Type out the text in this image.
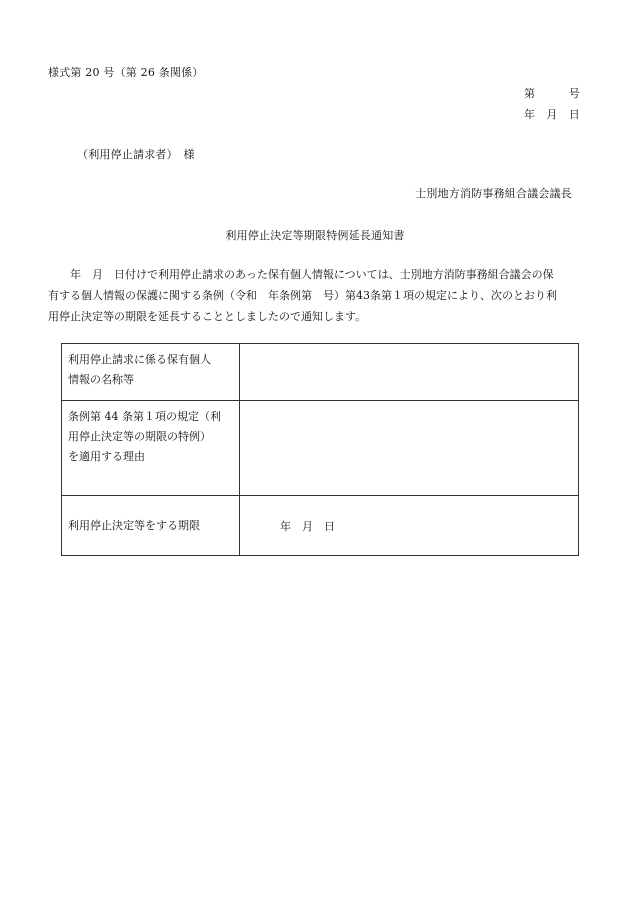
様式第 20 号（第 26 条関係）
第　　　号
年　月　日
（利用停止請求者）　様
士別地方消防事務組合議会議長
利用停止決定等期限特例延長通知書
年　月　日付けで利用停止請求のあった保有個人情報については、士別地方消防事務組合議会の保
有する個人情報の保護に関する条例（令和　年条例第　号）第43条第１項の規定により、次のとおり利
用停止決定等の期限を延長することとしましたので通知します。
利用停止請求に係る保有個人
情報の名称等	

条例第 44 条第１項の規定（利
用停止決定等の期限の特例）
を適用する理由	

利用停止決定等をする期限	年　月　日
